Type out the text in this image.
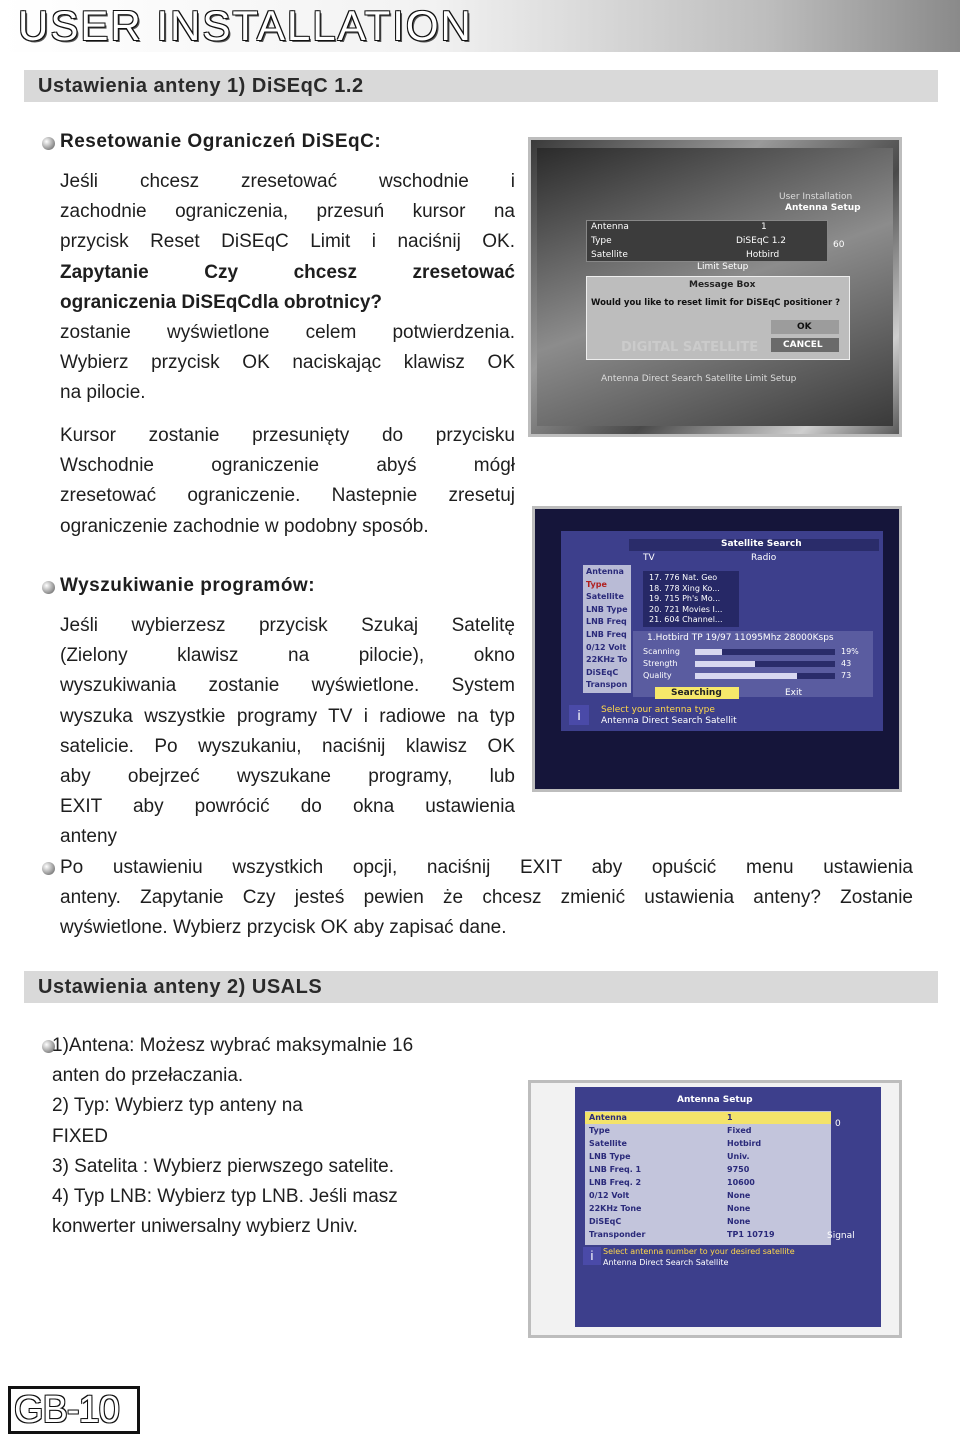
USER INSTALLATION
Ustawienia anteny 1) DiSEqC 1.2
Resetowanie Ograniczeń DiSEqC:
Jeśli chcesz zresetować wschodnie i
zachodnie ograniczenia, przesuń kursor na
przycisk Reset DiSEqC Limit i naciśnij OK.
Zapytanie Czy chcesz zresetować
ograniczenia DiSEqCdla obrotnicy?
zostanie wyświetlone celem potwierdzenia.
Wybierz przycisk OK naciskając klawisz OK
na pilocie.
Kursor zostanie przesunięty do przycisku
Wschodnie ograniczenie abyś mógł
zresetować ograniczenie. Nastepnie zresetuj
ograniczenie zachodnie w podobny sposób.
Wyszukiwanie programów:
Jeśli wybierzesz przycisk Szukaj Satelitę
(Zielony klawisz na pilocie), okno
wyszukiwania zostanie wyświetlone. System
wyszuka wszystkie programy TV i radiowe na typ
satelicie. Po wyszukaniu, naciśnij klawisz OK
aby obejrzeć wyszukane programy, lub
EXIT aby powrócić do okna ustawienia
anteny
Po ustawieniu wszystkich opcji, naciśnij EXIT aby opuścić menu ustawienia
anteny. Zapytanie Czy jesteś pewien że chcesz zmienić ustawienia anteny? Zostanie
wyświetlone. Wybierz przycisk OK aby zapisać dane.
Ustawienia anteny 2) USALS
1)Antena: Możesz wybrać maksymalnie 16
anten do przełaczania.
2) Typ: Wybierz typ anteny na
FIXED
3) Satelita : Wybierz pierwszego satelite.
4) Typ LNB: Wybierz typ LNB. Jeśli masz
konwerter uniwersalny wybierz Univ.
User Installation
Antenna Setup
Antenna	1
Type	DiSEqC 1.2
Satellite	Hotbird
60
Limit Setup
Message Box
Would you like to reset limit for DiSEqC positioner ?
OK
CANCEL
DIGITAL SATELLITE
Antenna Direct Search Satellite Limit Setup
Satellite Search
TV	Radio
1.Hotbird TP 19/97 11095Mhz 28000Ksps
Searching	Exit
i	Select your antenna type
Antenna Direct Search Satellit
Antenna
Type
Satellite
LNB Type
LNB Freq
LNB Freq
0/12 Volt
22KHz To
DiSEqC
Transpon
17. 776 Nat. Geo
18. 778 Xing Ko...
19. 715 Ph's Mo...
20. 721 Movies I...
21. 604 Channel...
Scanning	19%
Strength	43
Quality	73
Antenna Setup
0
Signal
i	Select antenna number to your desired satellite
Antenna Direct Search Satellite
Antenna	1
Type	Fixed
Satellite	Hotbird
LNB Type	Univ.
LNB Freq. 1	9750
LNB Freq. 2	10600
0/12 Volt	None
22KHz Tone	None
DiSEqC	None
Transponder	TP1 10719
GB-10
